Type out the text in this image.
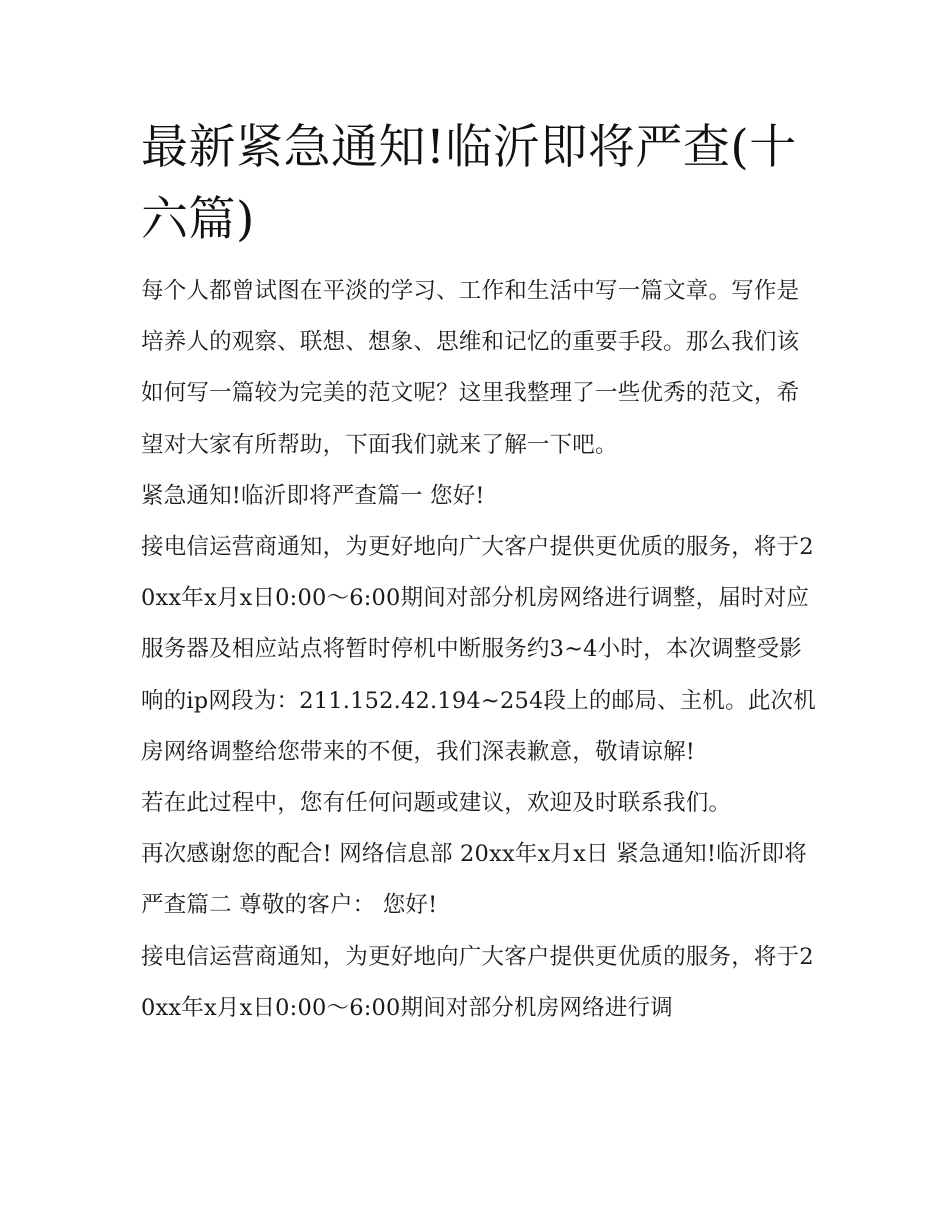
最新紧急通知!临沂即将严查(十六篇)

每个人都曾试图在平淡的学习、工作和生活中写一篇文章。写作是培养人的观察、联想、想象、思维和记忆的重要手段。那么我们该如何写一篇较为完美的范文呢？这里我整理了一些优秀的范文，希望对大家有所帮助，下面我们就来了解一下吧。

紧急通知!临沂即将严查篇一 您好!

接电信运营商通知，为更好地向广大客户提供更优质的服务，将于20xx年x月x日0:00～6:00期间对部分机房网络进行调整，届时对应服务器及相应站点将暂时停机中断服务约3~4小时，本次调整受影响的ip网段为：211.152.42.194~254段上的邮局、主机。此次机房网络调整给您带来的不便，我们深表歉意，敬请谅解!

若在此过程中，您有任何问题或建议，欢迎及时联系我们。

再次感谢您的配合! 网络信息部 20xx年x月x日 紧急通知!临沂即将严查篇二 尊敬的客户： 您好!

接电信运营商通知，为更好地向广大客户提供更优质的服务，将于20xx年x月x日0:00～6:00期间对部分机房网络进行调
